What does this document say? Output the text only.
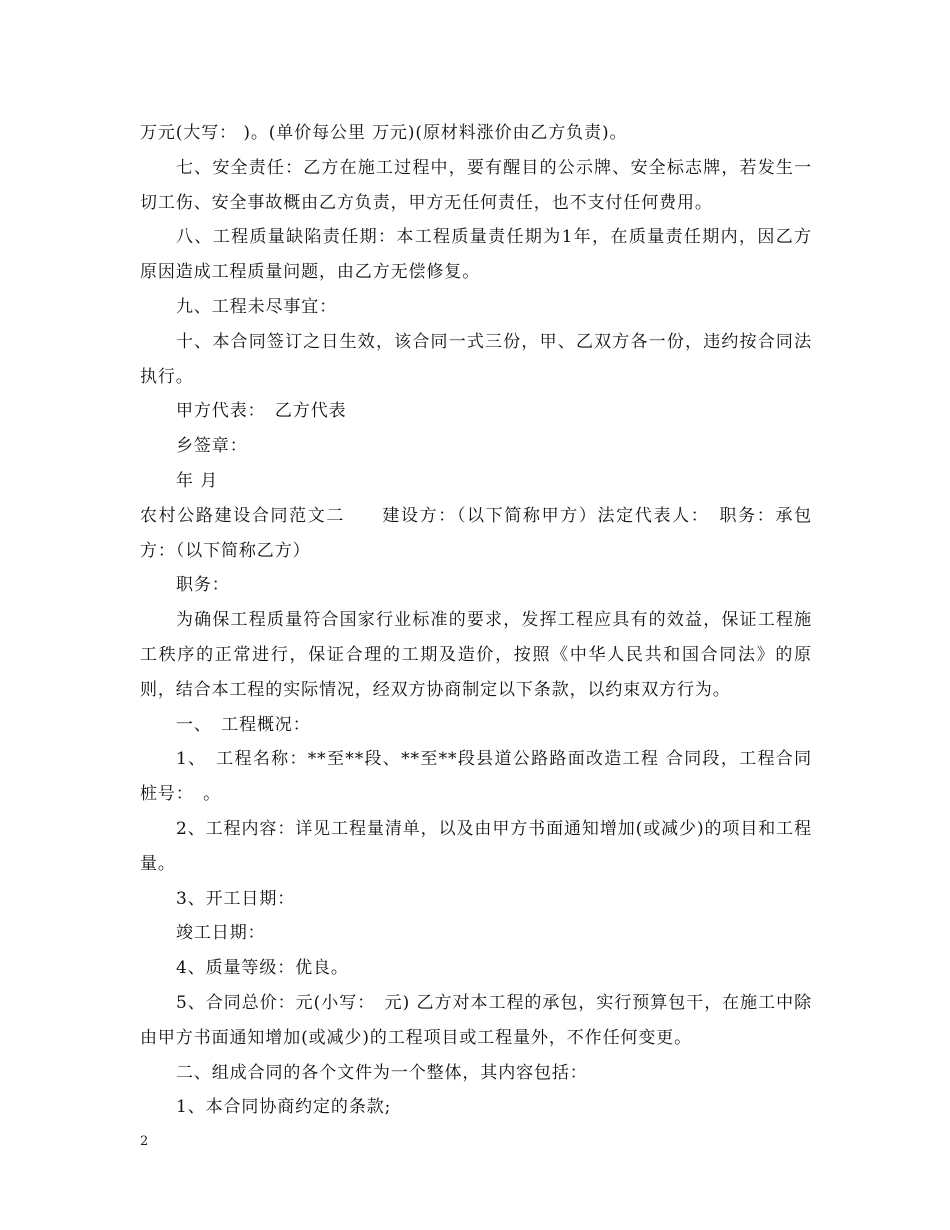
万元(大写： )。(单价每公里 万元)(原材料涨价由乙方负责)。

七、安全责任：乙方在施工过程中，要有醒目的公示牌、安全标志牌，若发生一切工伤、安全事故概由乙方负责，甲方无任何责任，也不支付任何费用。

八、工程质量缺陷责任期：本工程质量责任期为1年，在质量责任期内，因乙方原因造成工程质量问题，由乙方无偿修复。

九、工程未尽事宜：

十、本合同签订之日生效，该合同一式三份，甲、乙双方各一份，违约按合同法执行。

甲方代表：　乙方代表

乡签章：

年 月

农村公路建设合同范文二　　建设方：（以下简称甲方）法定代表人：　职务：承包方：（以下简称乙方）

职务：

为确保工程质量符合国家行业标准的要求，发挥工程应具有的效益，保证工程施工秩序的正常进行，保证合理的工期及造价，按照《中华人民共和国合同法》的原则，结合本工程的实际情况，经双方协商制定以下条款，以约束双方行为。

一、　工程概况：

1、　工程名称：**至**段、**至**段县道公路路面改造工程 合同段，工程合同桩号：　。

2、工程内容：详见工程量清单，以及由甲方书面通知增加(或减少)的项目和工程量。

3、开工日期：

竣工日期：

4、质量等级：优良。

5、合同总价：元(小写：　元) 乙方对本工程的承包，实行预算包干，在施工中除由甲方书面通知增加(或减少)的工程项目或工程量外，不作任何变更。

二、组成合同的各个文件为一个整体，其内容包括：

1、本合同协商约定的条款;

2
